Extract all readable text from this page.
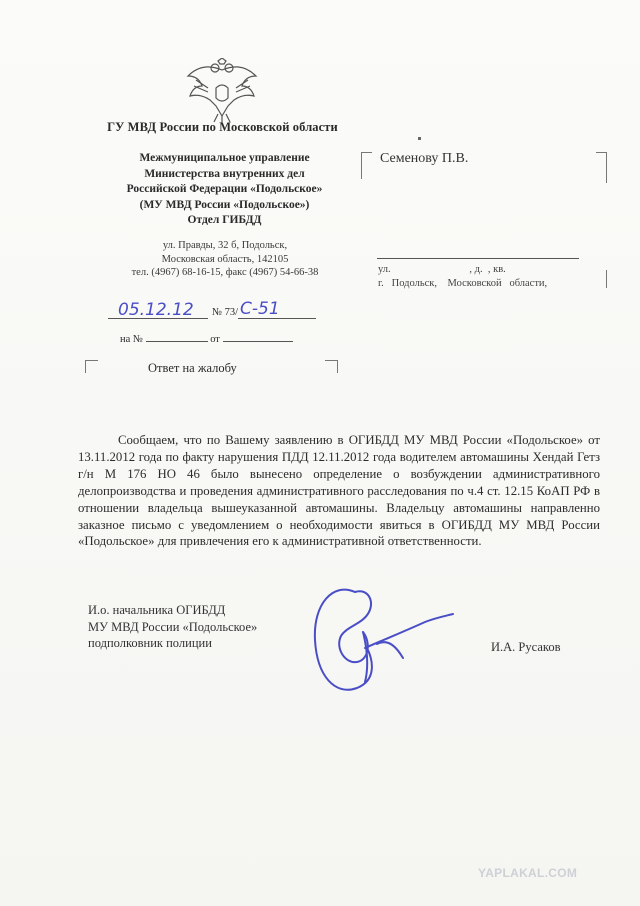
ГУ МВД России по Московской области
Межмуниципальное управление
Министерства внутренних дел
Российской Федерации «Подольское»
(МУ МВД России «Подольское»)
Отдел ГИБДД
ул. Правды, 32 б, Подольск,
Московская область, 142105
тел. (4967) 68-16-15, факс (4967) 54-66-38
05.12.12 № 73/ С-51
на №	от
Ответ на жалобу
Семенову П.В.
ул.                              , д.  , кв.
г.   Подольск,    Московской   области,
Сообщаем, что по Вашему заявлению в ОГИБДД МУ МВД России «Подольское» от 13.11.2012 года по факту нарушения ПДД 12.11.2012 года водителем автомашины Хендай Гетз г/н М 176 НО 46 было вынесено определение о возбуждении административного делопроизводства и проведения административного расследования по ч.4 ст. 12.15 КоАП РФ в отношении владельца вышеуказанной автомашины. Владельцу автомашины направленно заказное письмо с уведомлением о необходимости явиться в ОГИБДД МУ МВД России «Подольское» для привлечения его к административной ответственности.
И.о. начальника ОГИБДД
МУ МВД России «Подольское»
подполковник полиции	И.А. Русаков
YAPLAKAL.COM
